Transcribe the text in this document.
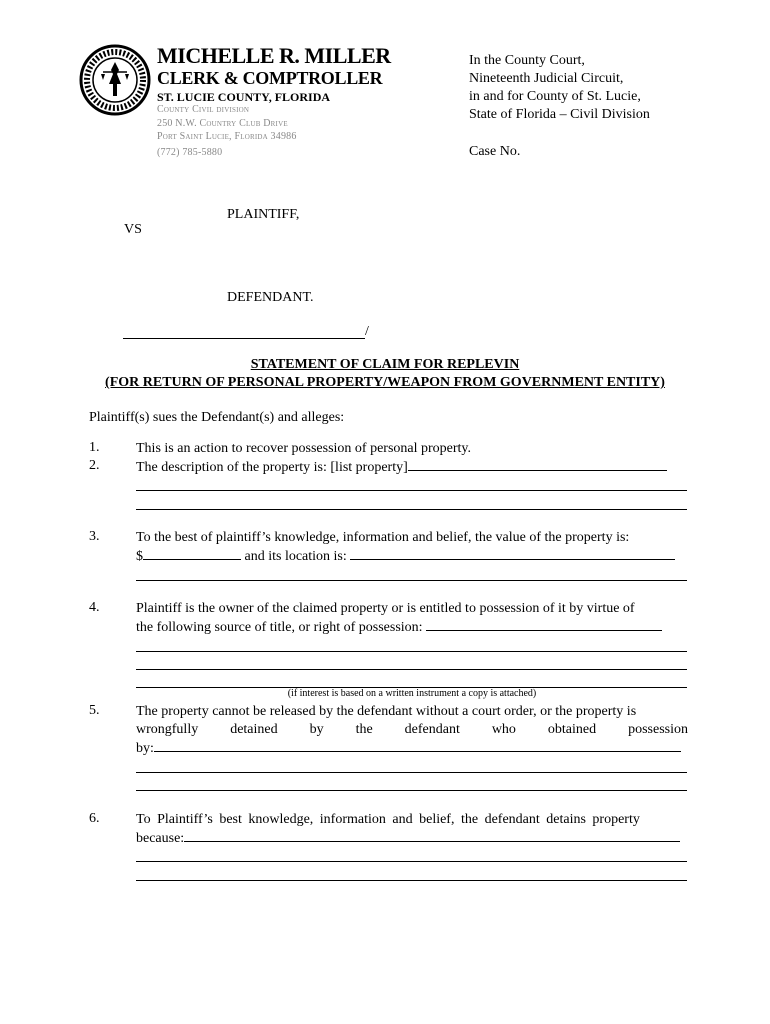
MICHELLE R. MILLER
CLERK & COMPTROLLER
ST. LUCIE COUNTY, FLORIDA
County Civil division
250 N.W. Country Club Drive
Port Saint Lucie, Florida 34986
(772) 785-5880
In the County Court,
Nineteenth Judicial Circuit,
in and for County of St. Lucie,
State of Florida – Civil Division
Case No.
PLAINTIFF,
VS
DEFENDANT.
/
STATEMENT OF CLAIM FOR REPLEVIN
(FOR RETURN OF PERSONAL PROPERTY/WEAPON FROM GOVERNMENT ENTITY)
Plaintiff(s) sues the Defendant(s) and alleges:
1.	This is an action to recover possession of personal property.
2.	The description of the property is: [list property]
3.	To the best of plaintiff’s knowledge, information and belief, the value of the property is:
$	and its location is:
4.	Plaintiff is the owner of the claimed property or is entitled to possession of it by virtue of
the following source of title, or right of possession:
(if interest is based on a written instrument a copy is attached)
5.	The property cannot be released by the defendant without a court order, or the property is
wrongfully detained by the defendant who obtained possession
by:
6.	To Plaintiff’s best knowledge, information and belief, the defendant detains property
because:
